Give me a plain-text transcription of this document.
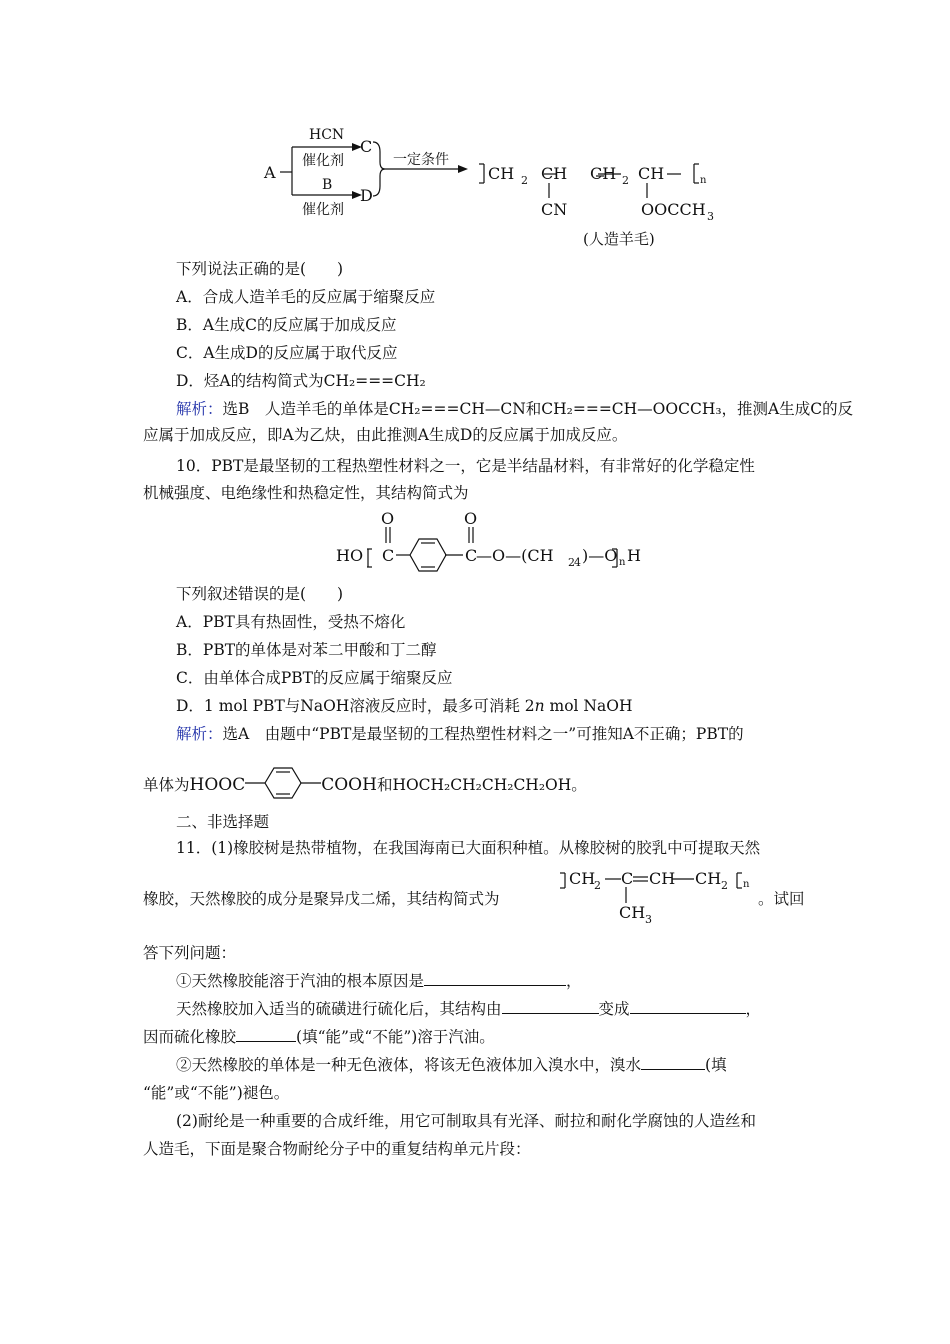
A
HCN
催化剂
C
B
催化剂
D
一定条件
CH 2 CH CH 2 CH	n
CN	OOCCH 3
(人造羊毛)
下列说法正确的是(　　)
A．合成人造羊毛的反应属于缩聚反应
B．A生成C的反应属于加成反应
C．A生成D的反应属于取代反应
D．烃A的结构简式为CH₂===CH₂
解析：选B　人造羊毛的单体是CH₂===CH—CN和CH₂===CH—OOCCH₃，推测A生成C的反
应属于加成反应，即A为乙炔，由此推测A生成D的反应属于加成反应。
10．PBT是最坚韧的工程热塑性材料之一，它是半结晶材料，有非常好的化学稳定性
机械强度、电绝缘性和热稳定性，其结构简式为
O	O
HO C	C
—O—(CH 2 4 )—O n H
下列叙述错误的是(　　)
A．PBT具有热固性，受热不熔化
B．PBT的单体是对苯二甲酸和丁二醇
C．由单体合成PBT的反应属于缩聚反应
D．1 mol PBT与NaOH溶液反应时，最多可消耗 2n mol NaOH
解析：选A　由题中“PBT是最坚韧的工程热塑性材料之一”可推知A不正确；PBT的
单体为HOOC	COOH和HOCH₂CH₂CH₂CH₂OH。
二、非选择题
11．(1)橡胶树是热带植物，在我国海南已大面积种植。从橡胶树的胶乳中可提取天然
橡胶，天然橡胶的成分是聚异戊二烯，其结构简式为
CH
2 C CH CH 2 n
CH 3
。试回
答下列问题：
①天然橡胶能溶于汽油的根本原因是	，
天然橡胶加入适当的硫磺进行硫化后，其结构由	变成	，
因而硫化橡胶	(填“能”或“不能”)溶于汽油。
②天然橡胶的单体是一种无色液体，将该无色液体加入溴水中，溴水	(填
“能”或“不能”)褪色。
(2)耐纶是一种重要的合成纤维，用它可制取具有光泽、耐拉和耐化学腐蚀的人造丝和
人造毛，下面是聚合物耐纶分子中的重复结构单元片段：
